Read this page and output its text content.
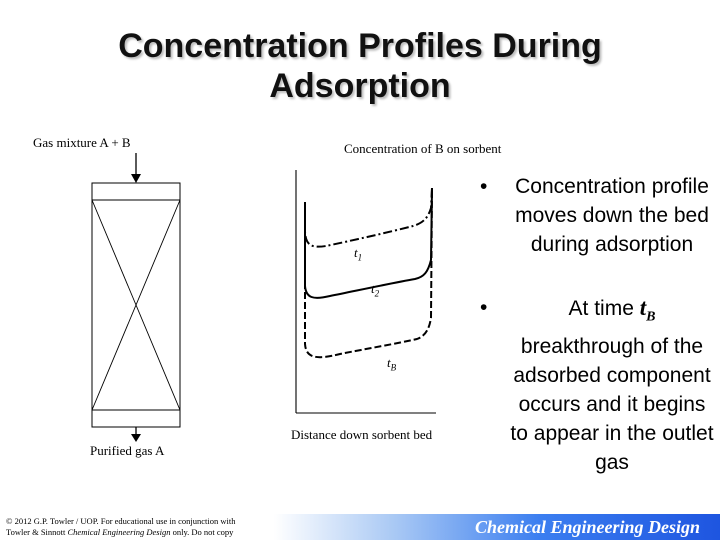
Concentration Profiles During
Adsorption
Gas mixture A + B
Purified gas A
Concentration of B on sorbent
Distance down sorbent bed
$t_1$
$t_2$
$t_B$
• Concentration profile moves down the bed during adsorption
•	At time $t_B$ breakthrough of the adsorbed component occurs and it begins to appear in the outlet gas
© 2012 G.P. Towler / UOP. For educational use in conjunction with
Towler & Sinnott Chemical Engineering Design only. Do not copy	Chemical Engineering Design
